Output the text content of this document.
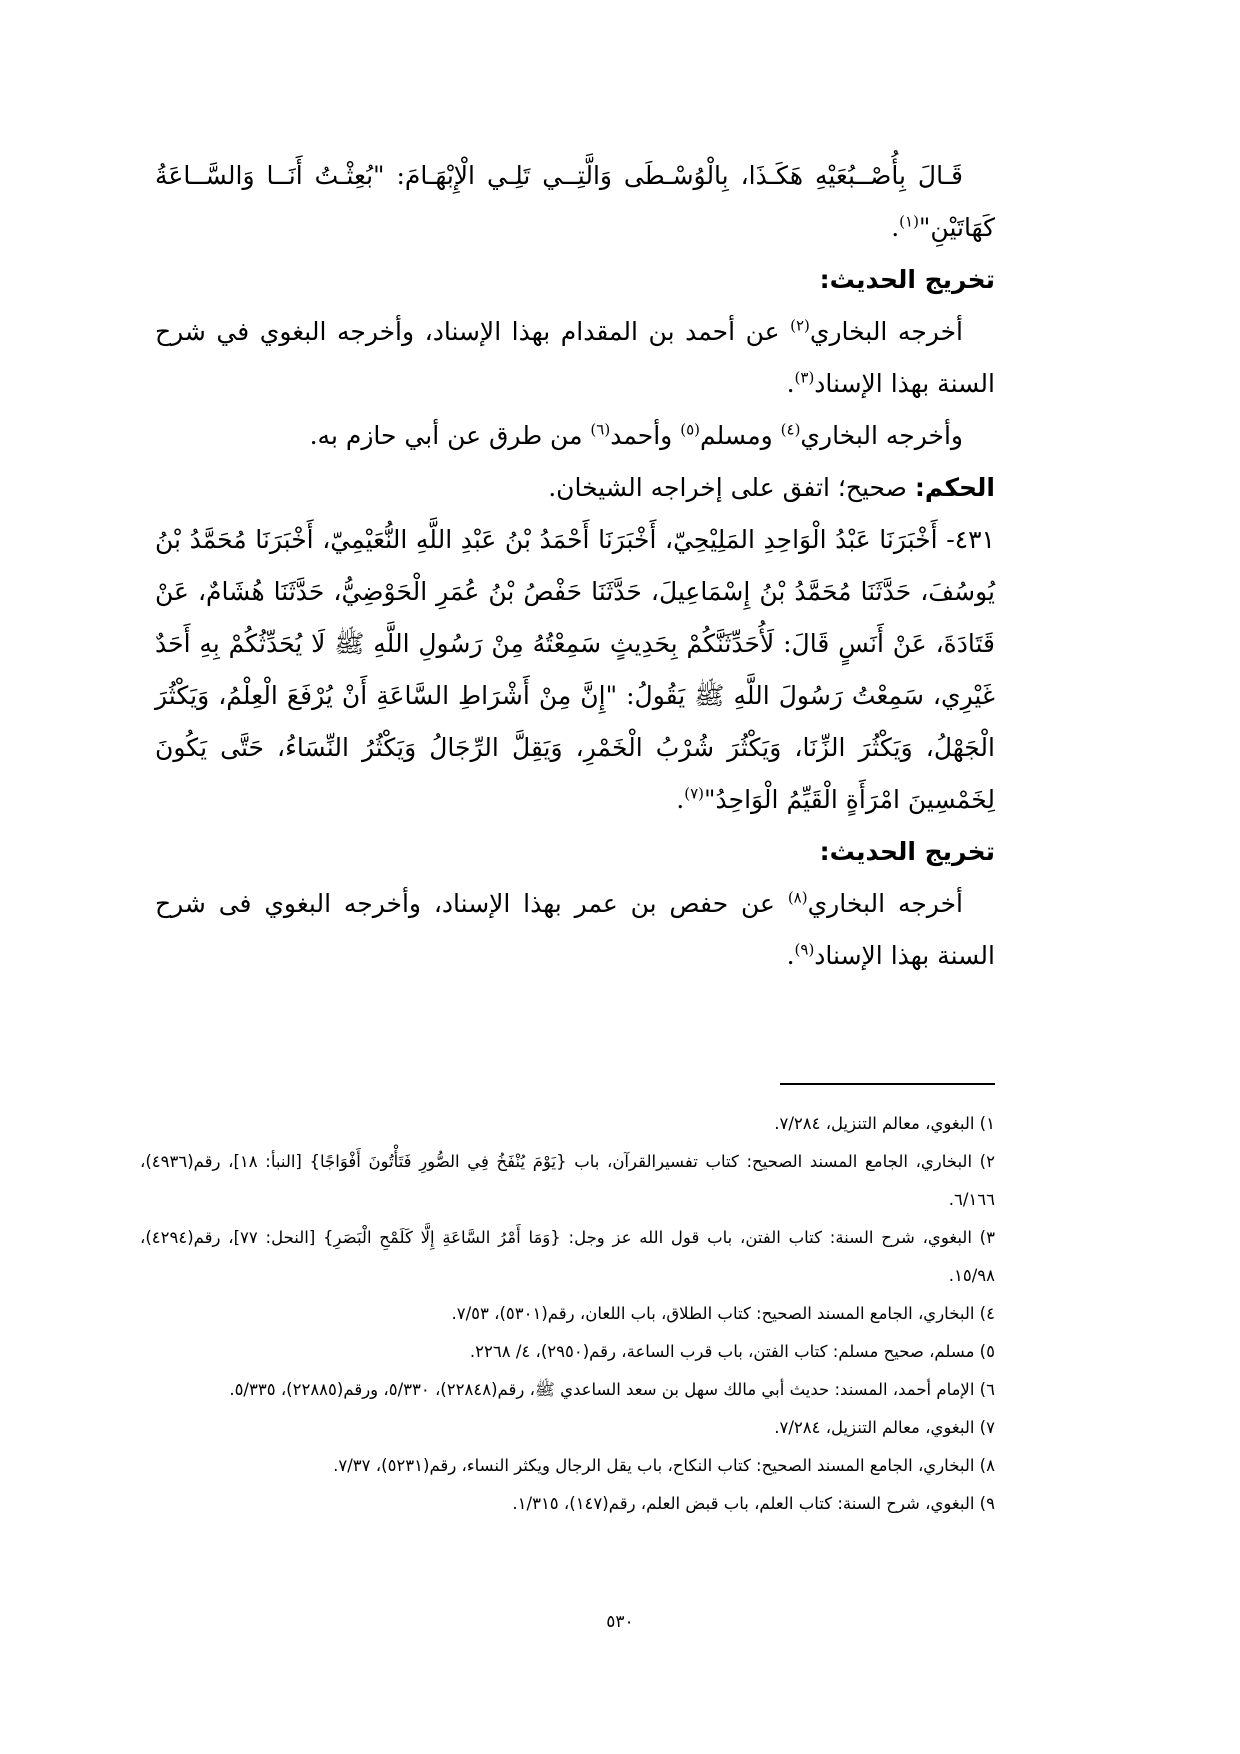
قَـالَ بِأُصْــبُعَيْهِ هَكَـذَا، بِالْوُسْـطَى وَالَّتِــي تَلِـي الْإِبْهَـامَ: "بُعِثْـتُ أَنَــا وَالسَّــاعَةُ كَهَاتَيْنِ"$^{(١)}$.

تخريج الحديث:

أخرجه البخاري$^{(٢)}$ عن أحمد بن المقدام بهذا الإسناد، وأخرجه البغوي في شرح السنة بهذا الإسناد$^{(٣)}$.

وأخرجه البخاري$^{(٤)}$ ومسلم$^{(٥)}$ وأحمد$^{(٦)}$ من طرق عن أبي حازم به.

الحكم: صحيح؛ اتفق على إخراجه الشيخان.

٤٣١- أَخْبَرَنَا عَبْدُ الْوَاحِدِ المَلِيْحِيّ، أَخْبَرَنَا أَحْمَدُ بْنُ عَبْدِ اللَّهِ النُّعَيْمِيّ، أَخْبَرَنَا مُحَمَّدُ بْنُ يُوسُفَ، حَدَّثَنَا مُحَمَّدُ بْنُ إِسْمَاعِيلَ، حَدَّثَنَا حَفْصُ بْنُ عُمَرِ الْحَوْضِيُّ، حَدَّثَنَا هُشَامٌ، عَنْ قَتَادَةَ، عَنْ أَنَسٍ قَالَ: لَأُحَدِّثَنَّكُمْ بِحَدِيثٍ سَمِعْتُهُ مِنْ رَسُولِ اللَّهِ ﷺ لَا يُحَدِّثُكُمْ بِهِ أَحَدٌ غَيْرِي، سَمِعْتُ رَسُولَ اللَّهِ ﷺ يَقُولُ: "إِنَّ مِنْ أَشْرَاطِ السَّاعَةِ أَنْ يُرْفَعَ الْعِلْمُ، وَيَكْثُرَ الْجَهْلُ، وَيَكْثُرَ الزِّنَا، وَيَكْثُرَ شُرْبُ الْخَمْرِ، وَيَقِلَّ الرِّجَالُ وَيَكْثُرُ النِّسَاءُ، حَتَّى يَكُونَ لِخَمْسِينَ امْرَأَةٍ الْقَيِّمُ الْوَاحِدُ"$^{(٧)}$.

تخريج الحديث:

أخرجه البخاري$^{(٨)}$ عن حفص بن عمر بهذا الإسناد، وأخرجه البغوي فى شرح السنة بهذا الإسناد$^{(٩)}$.

١) البغوي، معالم التنزيل، ٧/٢٨٤.

٢) البخاري، الجامع المسند الصحيح: كتاب تفسيرالقرآن، باب {يَوْمَ يُنْفَخُ فِي الصُّورِ فَتَأْتُونَ أَفْوَاجًا} [النبأ: ١٨]، رقم(٤٩٣٦)، ٦/١٦٦.

٣) البغوي، شرح السنة: كتاب الفتن، باب قول الله عز وجل: {وَمَا أَمْرُ السَّاعَةِ إِلَّا كَلَمْحِ الْبَصَرِ} [النحل: ٧٧]، رقم(٤٢٩٤)، ١٥/٩٨.

٤) البخاري، الجامع المسند الصحيح: كتاب الطلاق، باب اللعان، رقم(٥٣٠١)، ٧/٥٣.

٥) مسلم، صحيح مسلم: كتاب الفتن، باب قرب الساعة، رقم(٢٩٥٠)، ٤/ ٢٢٦٨.

٦) الإمام أحمد، المسند: حديث أبي مالك سهل بن سعد الساعدي ﷺ، رقم(٢٢٨٤٨)، ٥/٣٣٠، ورقم(٢٢٨٨٥)، ٥/٣٣٥.

٧) البغوي، معالم التنزيل، ٧/٢٨٤.

٨) البخاري، الجامع المسند الصحيح: كتاب النكاح، باب يقل الرجال ويكثر النساء، رقم(٥٢٣١)، ٧/٣٧.

٩) البغوي، شرح السنة: كتاب العلم، باب قبض العلم، رقم(١٤٧)، ١/٣١٥.

٥٣٠
